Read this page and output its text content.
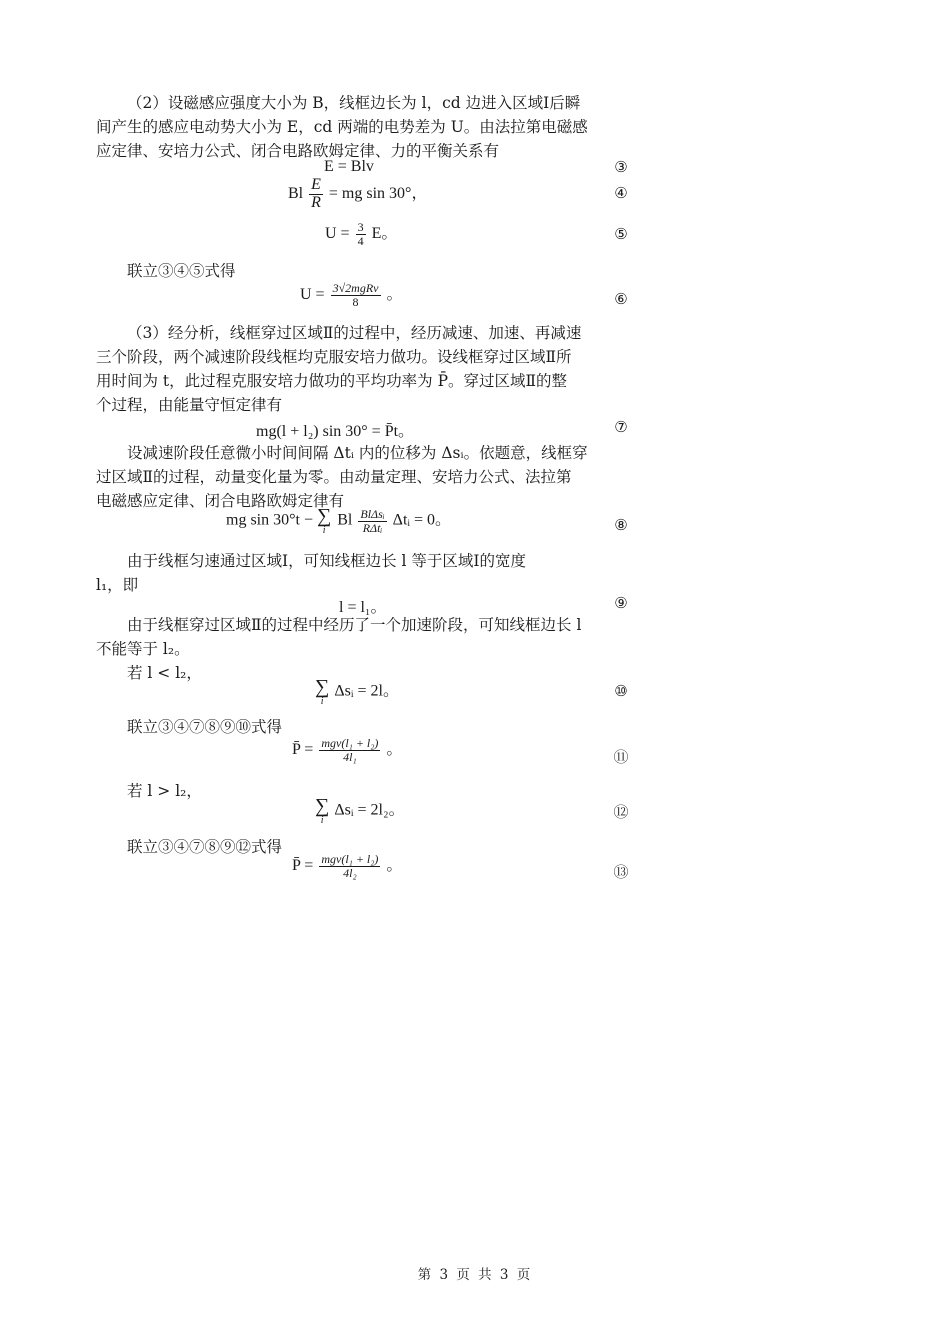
（2）设磁感应强度大小为 B，线框边长为 l，cd 边进入区域Ⅰ后瞬
间产生的感应电动势大小为 E，cd 两端的电势差为 U。由法拉第电磁感
应定律、安培力公式、闭合电路欧姆定律、力的平衡关系有
E = Blv	③
Bl $\frac{E}{R}$ = mg sin 30°，	④
$U = \frac{3}{4}$ E。	⑤
联立③④⑤式得
$U = \frac{\text{3√2mgRv}}{8}$ 。	⑥
（3）经分析，线框穿过区域Ⅱ的过程中，经历减速、加速、再减速
三个阶段，两个减速阶段线框均克服安培力做功。设线框穿过区域Ⅱ所
用时间为 t，此过程克服安培力做功的平均功率为 P̄。穿过区域Ⅱ的整
个过程，由能量守恒定律有
mg(l + l₂) sin 30° = P̄t。	⑦
设减速阶段任意微小时间间隔 Δtᵢ 内的位移为 Δsᵢ。依题意，线框穿
过区域Ⅱ的过程，动量变化量为零。由动量定理、安培力公式、法拉第
电磁感应定律、闭合电路欧姆定律有
mg sin 30°t − ∑
i
Bl $\frac{\text{BlΔsᵢ}}{\text{RΔtᵢ}}$ Δtᵢ = 0。	⑧
由于线框匀速通过区域Ⅰ，可知线框边长 l 等于区域Ⅰ的宽度
l₁，即
l = l₁。	⑨
由于线框穿过区域Ⅱ的过程中经历了一个加速阶段，可知线框边长 l
不能等于 l₂。
若 l < l₂，
∑
i
Δsᵢ = 2l。	⑩
联立③④⑦⑧⑨⑩式得
P̄ = $\frac{\text{mgv(l₁ + l₂)}}{\text{4l₁}}$ 。	⑪
若 l > l₂，
∑
i
Δsᵢ = 2l₂。	⑫
联立③④⑦⑧⑨⑫式得
P̄ = $\frac{\text{mgv(l₁ + l₂)}}{\text{4l₂}}$ 。	⑬
第 3 页 共 3 页
